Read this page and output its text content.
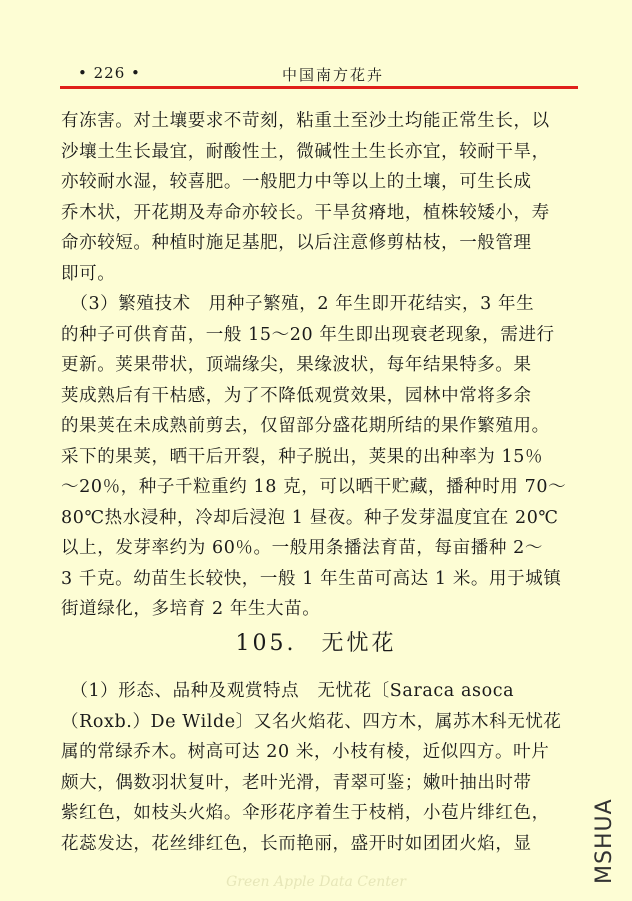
• 226 •	中国南方花卉
有冻害。对土壤要求不苛刻，粘重土至沙土均能正常生长，以
沙壤土生长最宜，耐酸性土，微碱性土生长亦宜，较耐干旱，
亦较耐水湿，较喜肥。一般肥力中等以上的土壤，可生长成
乔木状，开花期及寿命亦较长。干旱贫瘠地，植株较矮小，寿
命亦较短。种植时施足基肥，以后注意修剪枯枝，一般管理
即可。
　（3）繁殖技术　用种子繁殖，2 年生即开花结实，3 年生
的种子可供育苗，一般 15～20 年生即出现衰老现象，需进行
更新。荚果带状，顶端缘尖，果缘波状，每年结果特多。果
荚成熟后有干枯感，为了不降低观赏效果，园林中常将多余
的果荚在未成熟前剪去，仅留部分盛花期所结的果作繁殖用。
采下的果荚，晒干后开裂，种子脱出，荚果的出种率为 15％
～20％，种子千粒重约 18 克，可以晒干贮藏，播种时用 70～
80℃热水浸种，冷却后浸泡 1 昼夜。种子发芽温度宜在 20℃
以上，发芽率约为 60％。一般用条播法育苗，每亩播种 2～
3 千克。幼苗生长较快，一般 1 年生苗可高达 1 米。用于城镇
街道绿化，多培育 2 年生大苗。
105.　无忧花
　（1）形态、品种及观赏特点　无忧花〔Saraca asoca
（Roxb.）De Wilde〕又名火焰花、四方木，属苏木科无忧花
属的常绿乔木。树高可达 20 米，小枝有棱，近似四方。叶片
颇大，偶数羽状复叶，老叶光滑，青翠可鉴；嫩叶抽出时带
紫红色，如枝头火焰。伞形花序着生于枝梢，小苞片绯红色，
花蕊发达，花丝绯红色，长而艳丽，盛开时如团团火焰，显	MSHUA
Green Apple Data Center
